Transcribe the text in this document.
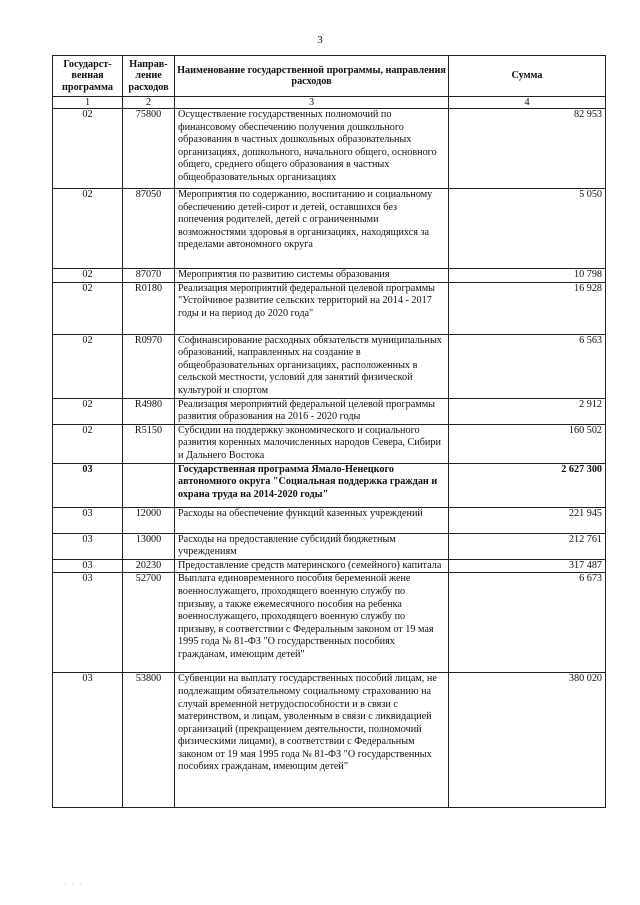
3
Государст-венная программа	Направ-ление расходов	Наименование государственной программы, направления расходов	Сумма
1	2	3	4
02	75800	Осуществление государственных полномочий по финансовому обеспечению получения дошкольного образования в частных дошкольных образовательных организациях, дошкольного, начального общего, основного общего, среднего общего образования в частных общеобразовательных организациях	82 953
02	87050	Мероприятия по содержанию, воспитанию и социальному обеспечению детей-сирот и детей, оставшихся без попечения родителей, детей с ограниченными возможностями здоровья в организациях, находящихся за пределами автономного округа	5 050
02	87070	Мероприятия по развитию системы образования	10 798
02	R0180	Реализация мероприятий федеральной целевой программы "Устойчивое развитие сельских территорий на 2014 - 2017 годы и на период до 2020 года"	16 928
02	R0970	Софинансирование расходных обязательств муниципальных образований, направленных на создание в общеобразовательных организациях, расположенных в сельской местности, условий для занятий физической культурой и спортом	6 563
02	R4980	Реализация мероприятий федеральной целевой программы развития образования на 2016 - 2020 годы	2 912
02	R5150	Субсидии на поддержку экономического и социального развития коренных малочисленных народов Севера, Сибири и Дальнего Востока	160 502
03		Государственная программа Ямало-Ненецкого автономного округа "Социальная поддержка граждан и охрана труда на 2014-2020 годы"	2 627 300
03	12000	Расходы на обеспечение функций казенных учреждений	221 945
03	13000	Расходы на предоставление субсидий бюджетным учреждениям	212 761
03	20230	Предоставление средств материнского (семейного) капитала	317 487
03	52700	Выплата единовременного пособия беременной жене военнослужащего, проходящего военную службу по призыву, а также ежемесячного пособия на ребенка военнослужащего, проходящего военную службу по призыву, в соответствии с Федеральным законом от 19 мая 1995 года № 81-ФЗ "О государственных пособиях гражданам, имеющим детей"	6 673
03	53800	Субвенции на выплату государственных пособий лицам, не подлежащим обязательному социальному страхованию на случай временной нетрудоспособности и в связи с материнством, и лицам, уволенным в связи с ликвидацией организаций (прекращением деятельности, полномочий физическими лицами), в соответствии с Федеральным законом от 19 мая 1995 года № 81-ФЗ "О государственных пособиях гражданам, имеющим детей"	380 020
. . .
